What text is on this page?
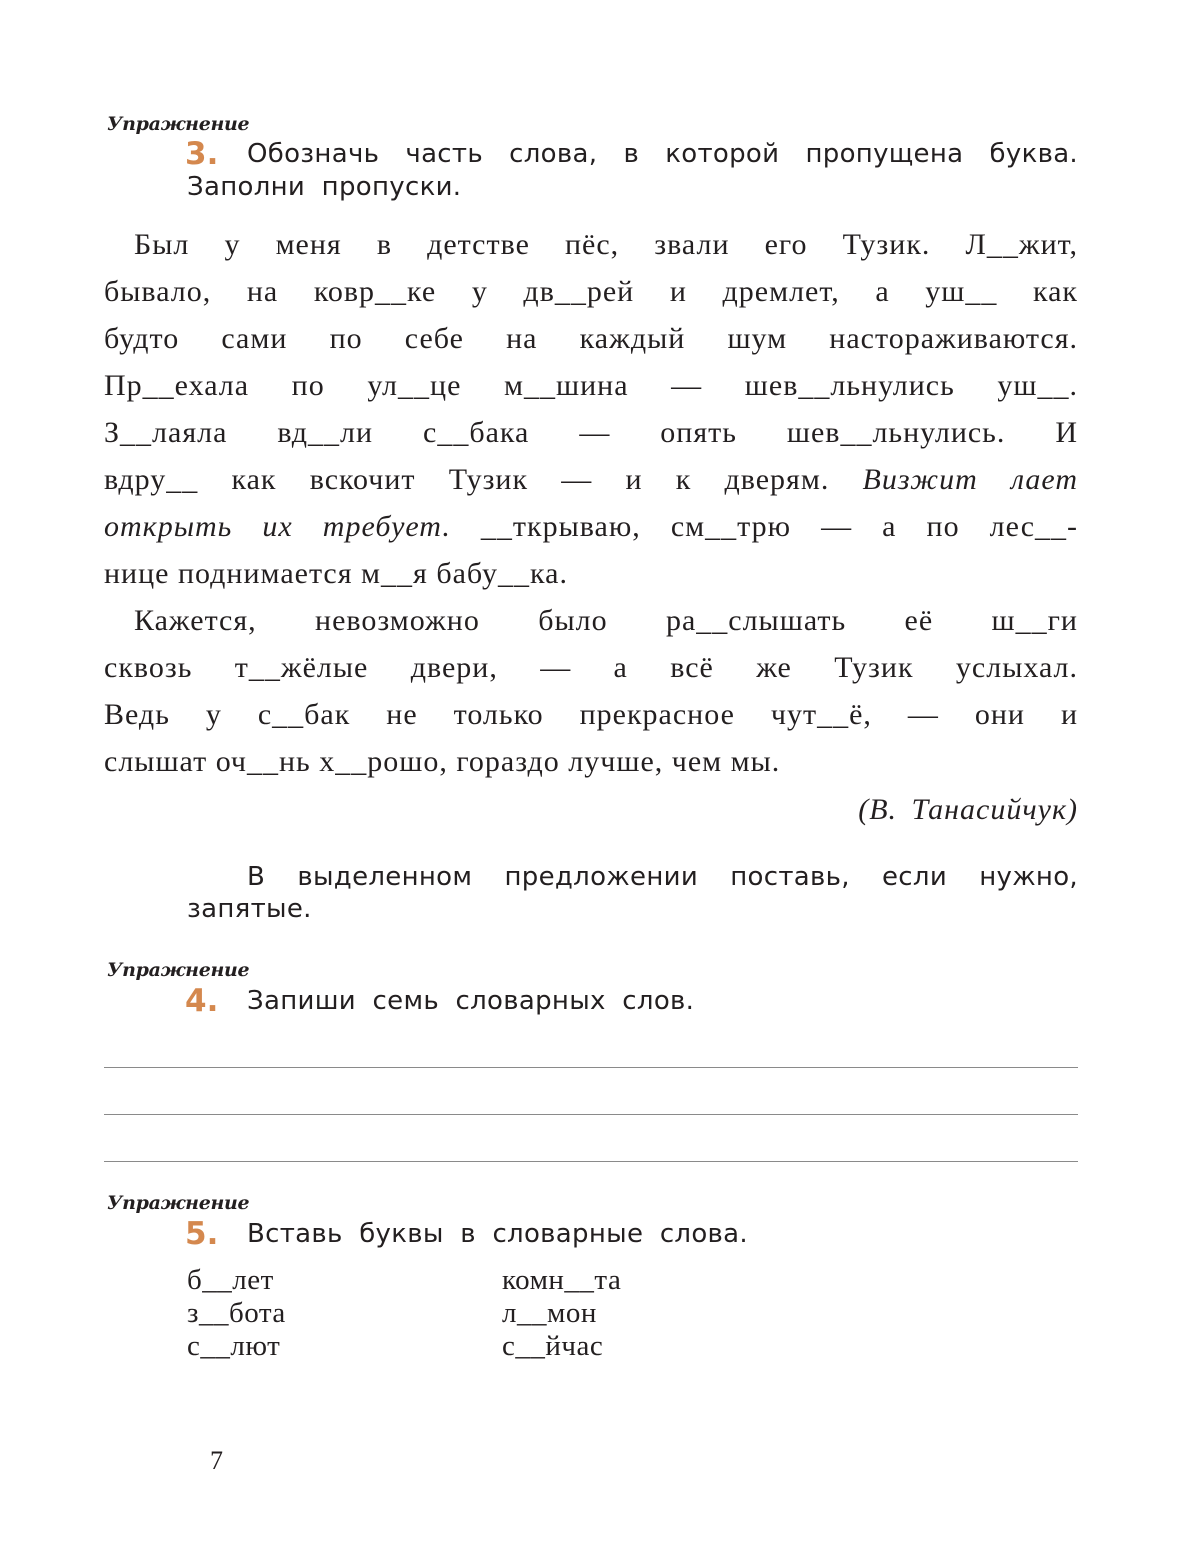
Упражнение
3. Обозначь часть слова, в которой пропущена буква.
Заполни пропуски.
Был у меня в детстве пёс, звали его Тузик. Л__жит,
бывало, на ковр__ке у дв__рей и дремлет, а уш__ как
будто сами по себе на каждый шум настораживаются.
Пр__ехала по ул__це м__шина — шев__льнулись уш__.
З__лаяла вд__ли с__бака — опять шев__льнулись. И
вдру__ как вскочит Тузик — и к дверям. Визжит лает
открыть их требует. __ткрываю, см__трю — а по лес__-
нице поднимается м__я бабу__ка.
Кажется, невозможно было ра__слышать её ш__ги
сквозь т__жёлые двери, — а всё же Тузик услыхал.
Ведь у с__бак не только прекрасное чут__ё, — они и
слышат оч__нь х__рошо, гораздо лучше, чем мы.
(В. Танасийчук)
В выделенном предложении поставь, если нужно,
запятые.
Упражнение
4. Запиши семь словарных слов.
Упражнение
5. Вставь буквы в словарные слова.
б__лет
з__бота
с__лют
комн__та
л__мон
с__йчас
7
